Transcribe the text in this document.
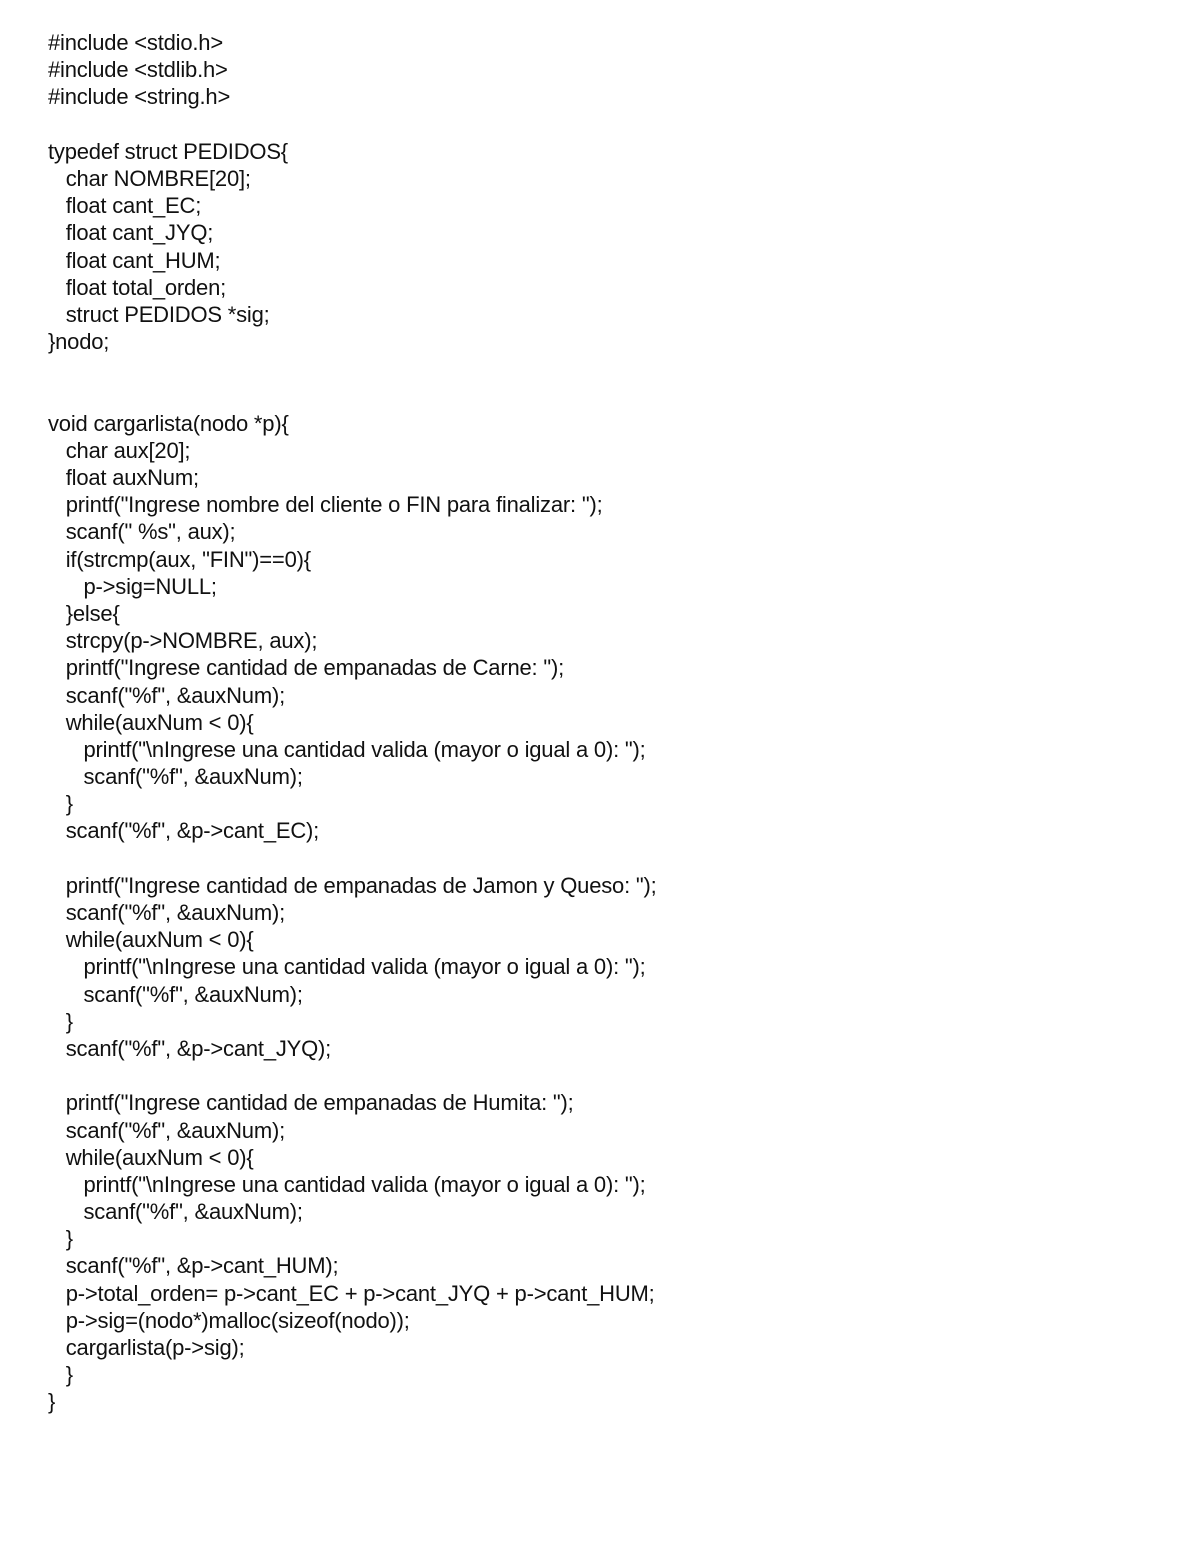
#include <stdio.h>
#include <stdlib.h>
#include <string.h>
typedef struct PEDIDOS{
char NOMBRE[20];
float cant_EC;
float cant_JYQ;
float cant_HUM;
float total_orden;
struct PEDIDOS *sig;
}nodo;
void cargarlista(nodo *p){
char aux[20];
float auxNum;
printf("Ingrese nombre del cliente o FIN para finalizar: ");
scanf(" %s", aux);
if(strcmp(aux, "FIN")==0){
p->sig=NULL;
}else{
strcpy(p->NOMBRE, aux);
printf("Ingrese cantidad de empanadas de Carne: ");
scanf("%f", &auxNum);
while(auxNum < 0){
printf("\nIngrese una cantidad valida (mayor o igual a 0): ");
scanf("%f", &auxNum);
}
scanf("%f", &p->cant_EC);
printf("Ingrese cantidad de empanadas de Jamon y Queso: ");
scanf("%f", &auxNum);
while(auxNum < 0){
printf("\nIngrese una cantidad valida (mayor o igual a 0): ");
scanf("%f", &auxNum);
}
scanf("%f", &p->cant_JYQ);
printf("Ingrese cantidad de empanadas de Humita: ");
scanf("%f", &auxNum);
while(auxNum < 0){
printf("\nIngrese una cantidad valida (mayor o igual a 0): ");
scanf("%f", &auxNum);
}
scanf("%f", &p->cant_HUM);
p->total_orden= p->cant_EC + p->cant_JYQ + p->cant_HUM;
p->sig=(nodo*)malloc(sizeof(nodo));
cargarlista(p->sig);
}
}
